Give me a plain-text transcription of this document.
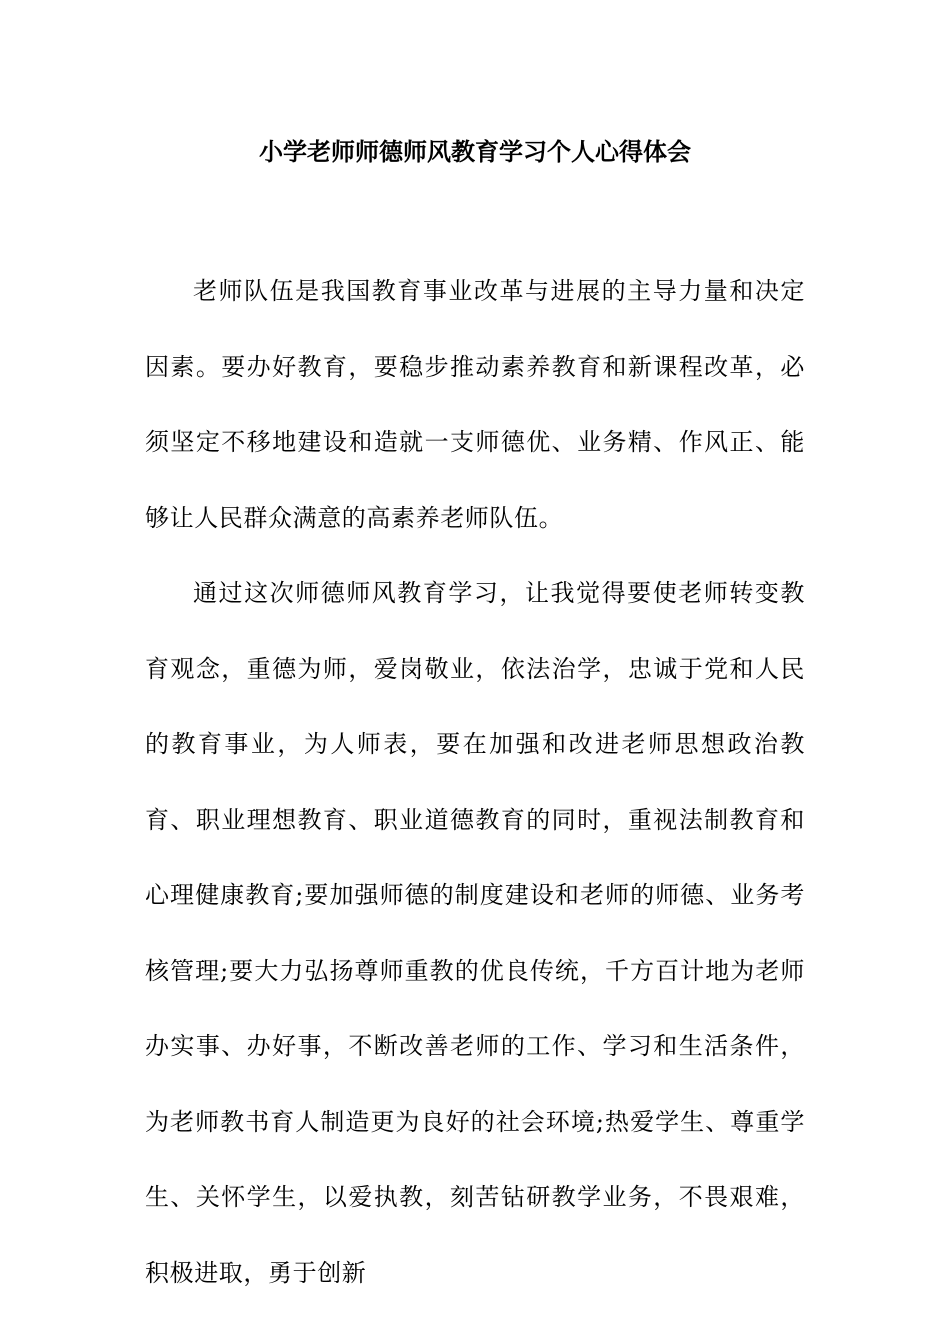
小学老师师德师风教育学习个人心得体会

老师队伍是我国教育事业改革与进展的主导力量和决定因素。要办好教育，要稳步推动素养教育和新课程改革，必须坚定不移地建设和造就一支师德优、业务精、作风正、能够让人民群众满意的高素养老师队伍。

通过这次师德师风教育学习，让我觉得要使老师转变教育观念，重德为师，爱岗敬业，依法治学，忠诚于党和人民的教育事业，为人师表，要在加强和改进老师思想政治教育、职业理想教育、职业道德教育的同时，重视法制教育和心理健康教育;要加强师德的制度建设和老师的师德、业务考核管理;要大力弘扬尊师重教的优良传统，千方百计地为老师办实事、办好事，不断改善老师的工作、学习和生活条件，为老师教书育人制造更为良好的社会环境;热爱学生、尊重学生、关怀学生，以爱执教，刻苦钻研教学业务，不畏艰难，积极进取，勇于创新
